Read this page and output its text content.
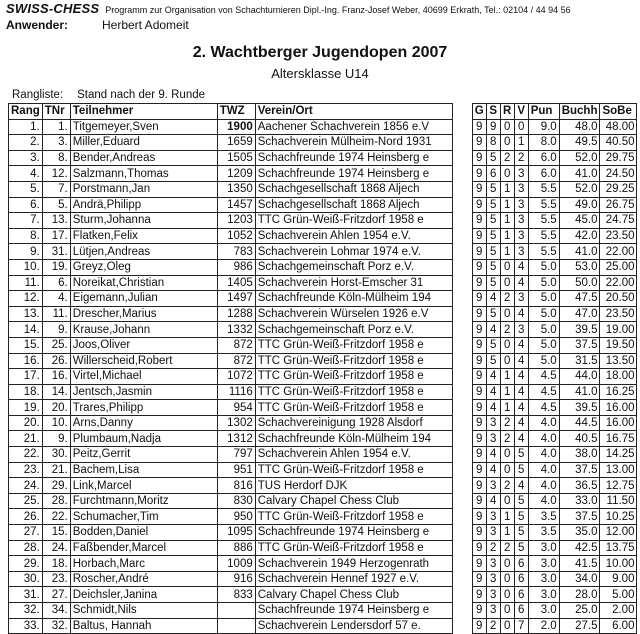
SWISS-CHESS Programm zur Organisation von Schachturnieren Dipl.-Ing. Franz-Josef Weber, 40699 Erkrath, Tel.: 02104 / 44 94 56
Anwender:	Herbert Adomeit
2. Wachtberger Jugendopen 2007
Altersklasse U14
Rangliste: Stand nach der 9. Runde
Rang	TNr	Teilnehmer	TWZ	Verein/Ort		G	S	R	V	Pun	Buchh	SoBe
1.	1.	Titgemeyer,Sven	1900	Aachener Schachverein 1856 e.V		9	9	0	0	9.0	48.0	48.00
2.	3.	Miller,Eduard	1659	Schachverein Mülheim-Nord 1931		9	8	0	1	8.0	49.5	40.50
3.	8.	Bender,Andreas	1505	Schachfreunde 1974 Heinsberg e		9	5	2	2	6.0	52.0	29.75
4.	12.	Salzmann,Thomas	1209	Schachfreunde 1974 Heinsberg e		9	6	0	3	6.0	41.0	24.50
5.	7.	Porstmann,Jan	1350	Schachgesellschaft 1868 Aljech		9	5	1	3	5.5	52.0	29.25
6.	5.	Andrä,Philipp	1457	Schachgesellschaft 1868 Aljech		9	5	1	3	5.5	49.0	26.75
7.	13.	Sturm,Johanna	1203	TTC Grün-Weiß-Fritzdorf 1958 e		9	5	1	3	5.5	45.0	24.75
8.	17.	Flatken,Felix	1052	Schachverein Ahlen 1954 e.V.		9	5	1	3	5.5	42.0	23.50
9.	31.	Lütjen,Andreas	783	Schachverein Lohmar 1974 e.V.		9	5	1	3	5.5	41.0	22.00
10.	19.	Greyz,Oleg	986	Schachgemeinschaft Porz e.V.		9	5	0	4	5.0	53.0	25.00
11.	6.	Noreikat,Christian	1405	Schachverein Horst-Emscher 31		9	5	0	4	5.0	50.0	22.00
12.	4.	Eigemann,Julian	1497	Schachfreunde Köln-Mülheim 194		9	4	2	3	5.0	47.5	20.50
13.	11.	Drescher,Marius	1288	Schachverein Würselen 1926 e.V		9	5	0	4	5.0	47.0	23.50
14.	9.	Krause,Johann	1332	Schachgemeinschaft Porz e.V.		9	4	2	3	5.0	39.5	19.00
15.	25.	Joos,Oliver	872	TTC Grün-Weiß-Fritzdorf 1958 e		9	5	0	4	5.0	37.5	19.50
16.	26.	Willerscheid,Robert	872	TTC Grün-Weiß-Fritzdorf 1958 e		9	5	0	4	5.0	31.5	13.50
17.	16.	Virtel,Michael	1072	TTC Grün-Weiß-Fritzdorf 1958 e		9	4	1	4	4.5	44.0	18.00
18.	14.	Jentsch,Jasmin	1116	TTC Grün-Weiß-Fritzdorf 1958 e		9	4	1	4	4.5	41.0	16.25
19.	20.	Trares,Philipp	954	TTC Grün-Weiß-Fritzdorf 1958 e		9	4	1	4	4.5	39.5	16.00
20.	10.	Arns,Danny	1302	Schachvereinigung 1928 Alsdorf		9	3	2	4	4.0	44.5	16.00
21.	9.	Plumbaum,Nadja	1312	Schachfreunde Köln-Mülheim 194		9	3	2	4	4.0	40.5	16.75
22.	30.	Peitz,Gerrit	797	Schachverein Ahlen 1954 e.V.		9	4	0	5	4.0	38.0	14.25
23.	21.	Bachem,Lisa	951	TTC Grün-Weiß-Fritzdorf 1958 e		9	4	0	5	4.0	37.5	13.00
24.	29.	Link,Marcel	816	TUS Herdorf DJK		9	3	2	4	4.0	36.5	12.75
25.	28.	Furchtmann,Moritz	830	Calvary Chapel Chess Club		9	4	0	5	4.0	33.0	11.50
26.	22.	Schumacher,Tim	950	TTC Grün-Weiß-Fritzdorf 1958 e		9	3	1	5	3.5	37.5	10.25
27.	15.	Bodden,Daniel	1095	Schachfreunde 1974 Heinsberg e		9	3	1	5	3.5	35.0	12.00
28.	24.	Faßbender,Marcel	886	TTC Grün-Weiß-Fritzdorf 1958 e		9	2	2	5	3.0	42.5	13.75
29.	18.	Horbach,Marc	1009	Schachverein 1949 Herzogenrath		9	3	0	6	3.0	41.5	10.00
30.	23.	Roscher,André	916	Schachverein Hennef 1927 e.V.		9	3	0	6	3.0	34.0	9.00
31.	27.	Deichsler,Janina	833	Calvary Chapel Chess Club		9	3	0	6	3.0	28.0	5.00
32.	34.	Schmidt,Nils		Schachfreunde 1974 Heinsberg e		9	3	0	6	3.0	25.0	2.00
33.	32.	Baltus, Hannah		Schachverein Lendersdorf 57 e.		9	2	0	7	2.0	27.5	6.00
